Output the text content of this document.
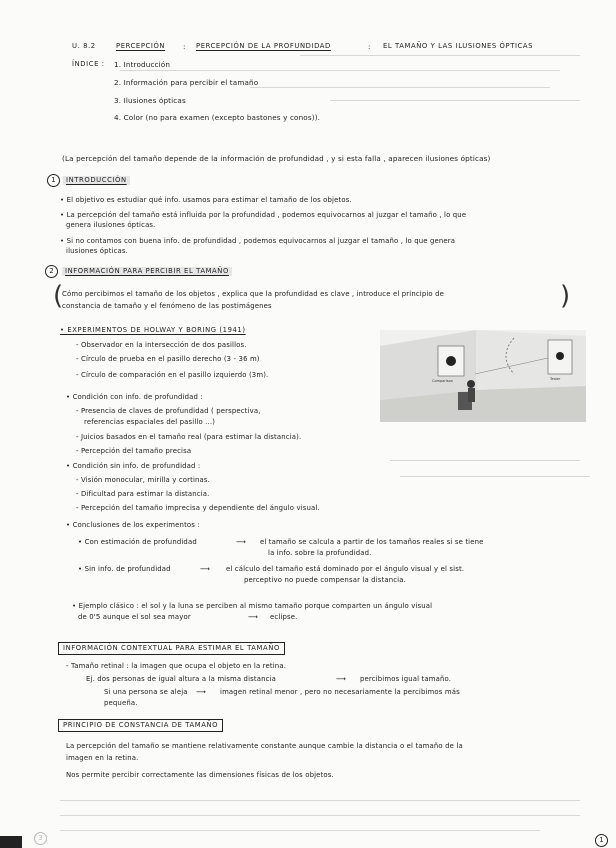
U. 8.2	PERCEPCIÓN : PERCEPCIÓN DE LA PROFUNDIDAD	: EL TAMAÑO Y LAS ILUSIONES ÓPTICAS
ÍNDICE : 1. Introducción
2. Información para percibir el tamaño
3. Ilusiones ópticas
4. Color (no para examen (excepto bastones y conos)).
(La percepción del tamaño depende de la información de profundidad , y si esta falla , aparecen ilusiones ópticas)
1	INTRODUCCIÓN
• El objetivo es estudiar qué info. usamos para estimar el tamaño de los objetos.
• La percepción del tamaño está influida por la profundidad , podemos equivocarnos al juzgar el tamaño , lo que
genera ilusiones ópticas.
• Si no contamos con buena info. de profundidad , podemos equivocarnos al juzgar el tamaño , lo que genera
ilusiones ópticas.
2	INFORMACIÓN PARA PERCIBIR EL TAMAÑO
(
Cómo percibimos el tamaño de los objetos , explica que la profundidad es clave , introduce el principio de
constancia de tamaño y el fenómeno de las postimágenes	)
• EXPERIMENTOS DE HOLWAY Y BORING (1941)
- Observador en la intersección de dos pasillos.
- Círculo de prueba en el pasillo derecho (3 - 36 m)
- Círculo de comparación en el pasillo izquierdo (3m).
Comparison	Tester
• Condición con info. de profundidad :
- Presencia de claves de profundidad ( perspectiva,
referencias espaciales del pasillo ...)
- Juicios basados en el tamaño real (para estimar la distancia).
- Percepción del tamaño precisa
• Condición sin info. de profundidad :
- Visión monocular, mirilla y cortinas.
- Dificultad para estimar la distancia.
- Percepción del tamaño imprecisa y dependiente del ángulo visual.
• Conclusiones de los experimentos :
• Con estimación de profundidad	⟶ el tamaño se calcula a partir de los tamaños reales si se tiene
la info. sobre la profundidad.
• Sin info. de profundidad	⟶ el cálculo del tamaño está dominado por el ángulo visual y el sist.
perceptivo no puede compensar la distancia.
• Ejemplo clásico : el sol y la luna se perciben al mismo tamaño porque comparten un ángulo visual
de 0'5 aunque el sol sea mayor	⟶ eclipse.
INFORMACIÓN CONTEXTUAL PARA ESTIMAR EL TAMAÑO
- Tamaño retinal : la imagen que ocupa el objeto en la retina.
Ej. dos personas de igual altura a la misma distancia	⟶ percibimos igual tamaño.
Si una persona se aleja ⟶ imagen retinal menor , pero no necesariamente la percibimos más
pequeña.
PRINCIPIO DE CONSTANCIA DE TAMAÑO
La percepción del tamaño se mantiene relativamente constante aunque cambie la distancia o el tamaño de la
imagen en la retina.
Nos permite percibir correctamente las dimensiones físicas de los objetos.
1
3
